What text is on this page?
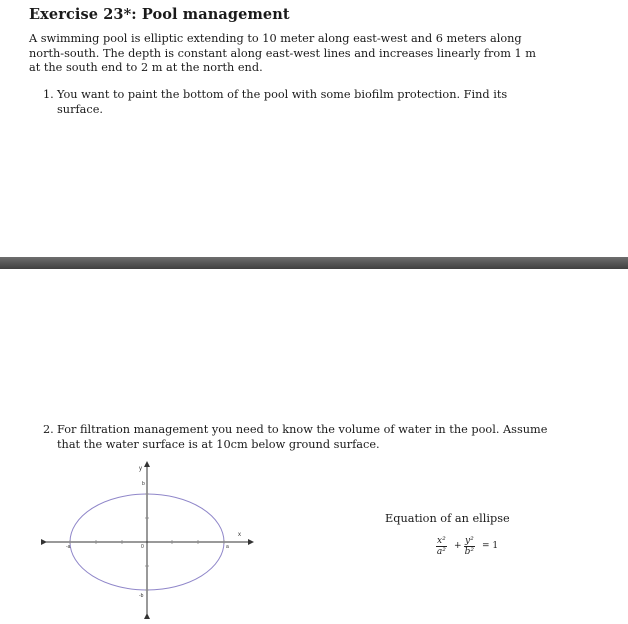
Exercise 23*: Pool management
A swimming pool is elliptic extending to 10 meter along east-west and 6 meters along north-south. The depth is constant along east-west lines and increases linearly from 1 m at the south end to 2 m at the north end.
1. You want to paint the bottom of the pool with some biofilm protection. Find its surface.
2. For filtration management you need to know the volume of water in the pool. Assume that the water surface is at 10cm below ground surface.
-a	a
b
-b
0
x
y
Equation of an ellipse
$\frac{\text{x²}}{\text{a²}} + \frac{\text{y²}}{\text{b²}} = 1$
